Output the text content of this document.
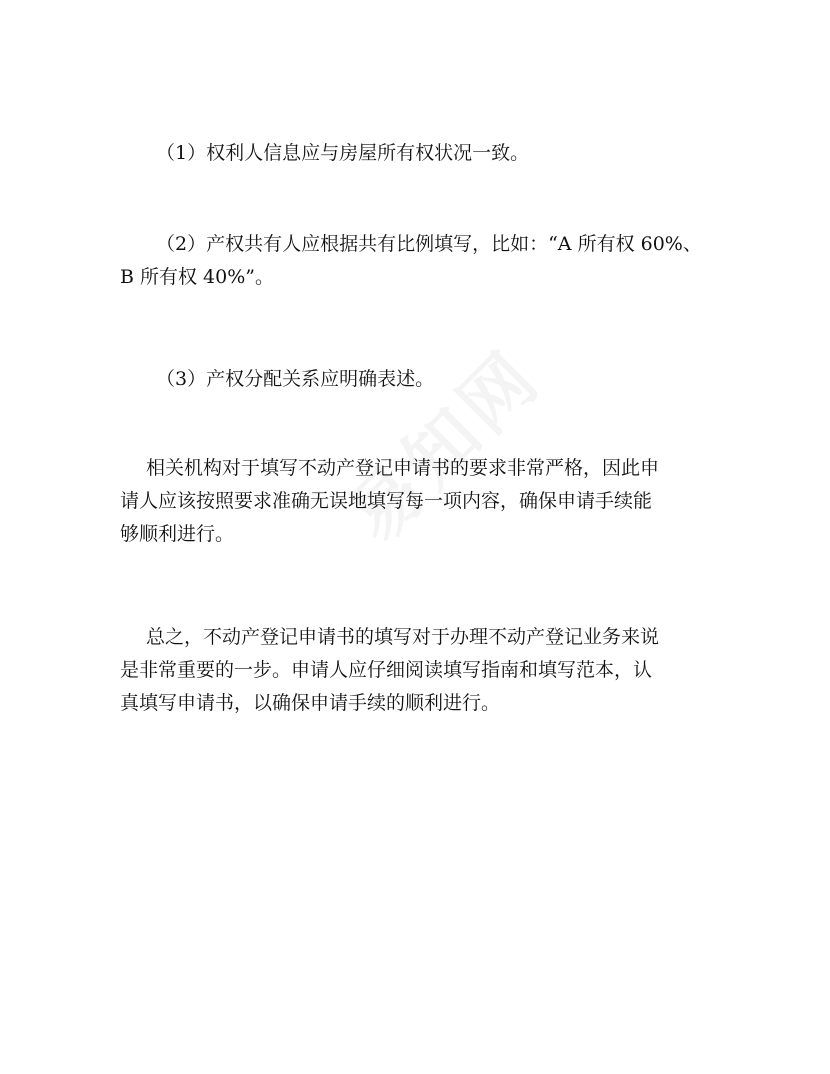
（1）权利人信息应与房屋所有权状况一致。

（2）产权共有人应根据共有比例填写，比如：“A 所有权 60%、
B 所有权 40%”。

（3）产权分配关系应明确表述。

相关机构对于填写不动产登记申请书的要求非常严格，因此申
请人应该按照要求准确无误地填写每一项内容，确保申请手续能
够顺利进行。

总之，不动产登记申请书的填写对于办理不动产登记业务来说
是非常重要的一步。申请人应仔细阅读填写指南和填写范本，认
真填写申请书，以确保申请手续的顺利进行。
